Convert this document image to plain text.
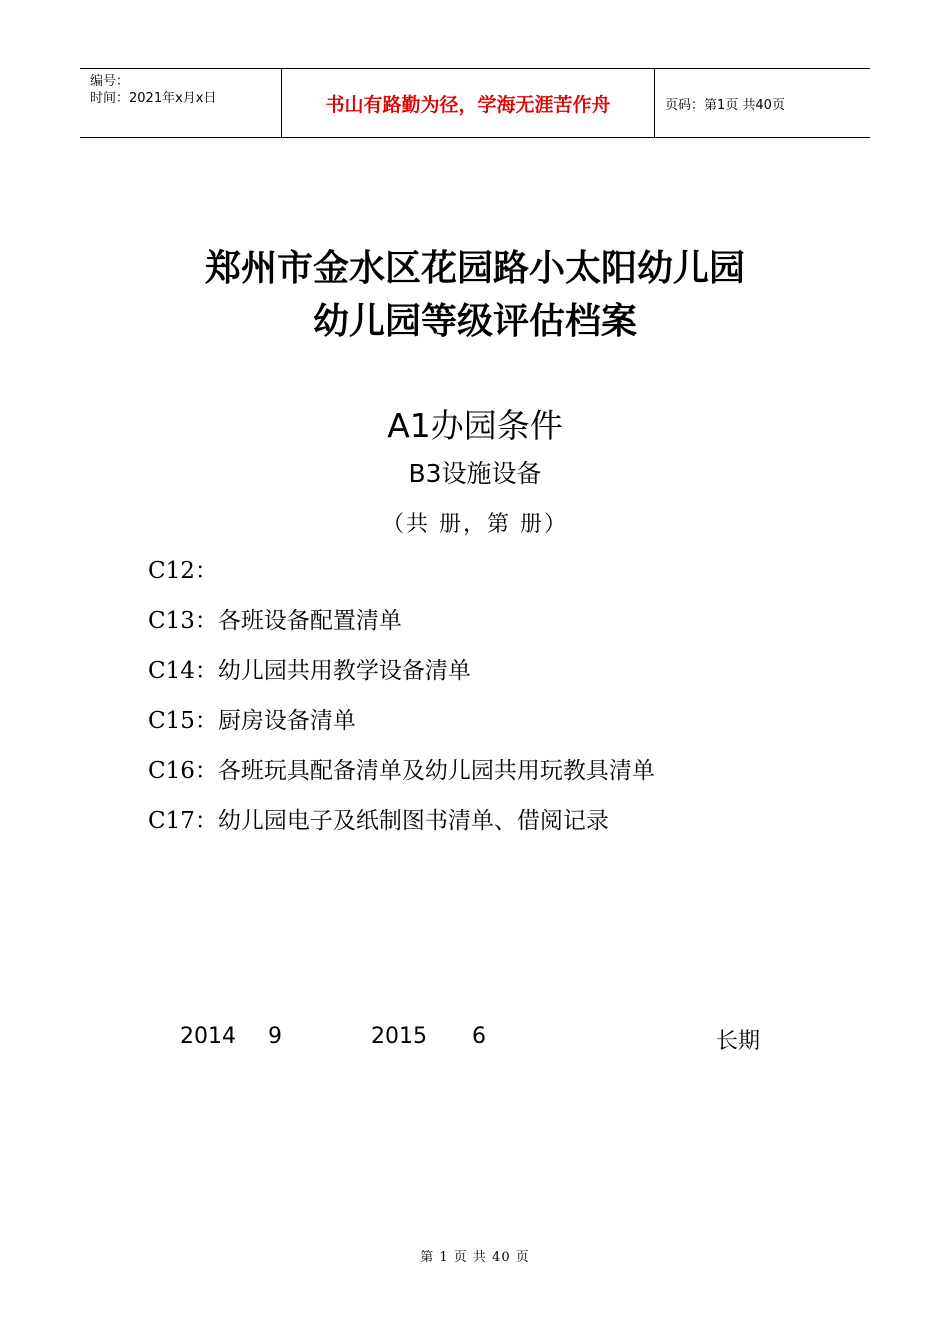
编号：
时间：2021年x月x日	书山有路勤为径，学海无涯苦作舟	页码：第1页 共40页
郑州市金水区花园路小太阳幼儿园
幼儿园等级评估档案
A1办园条件
B3设施设备
（共 册，第 册）
C12：
C13：各班设备配置清单
C14：幼儿园共用教学设备清单
C15：厨房设备清单
C16：各班玩具配备清单及幼儿园共用玩教具清单
C17：幼儿园电子及纸制图书清单、借阅记录
2014 9	2015 6	长期
第 1 页 共 40 页
